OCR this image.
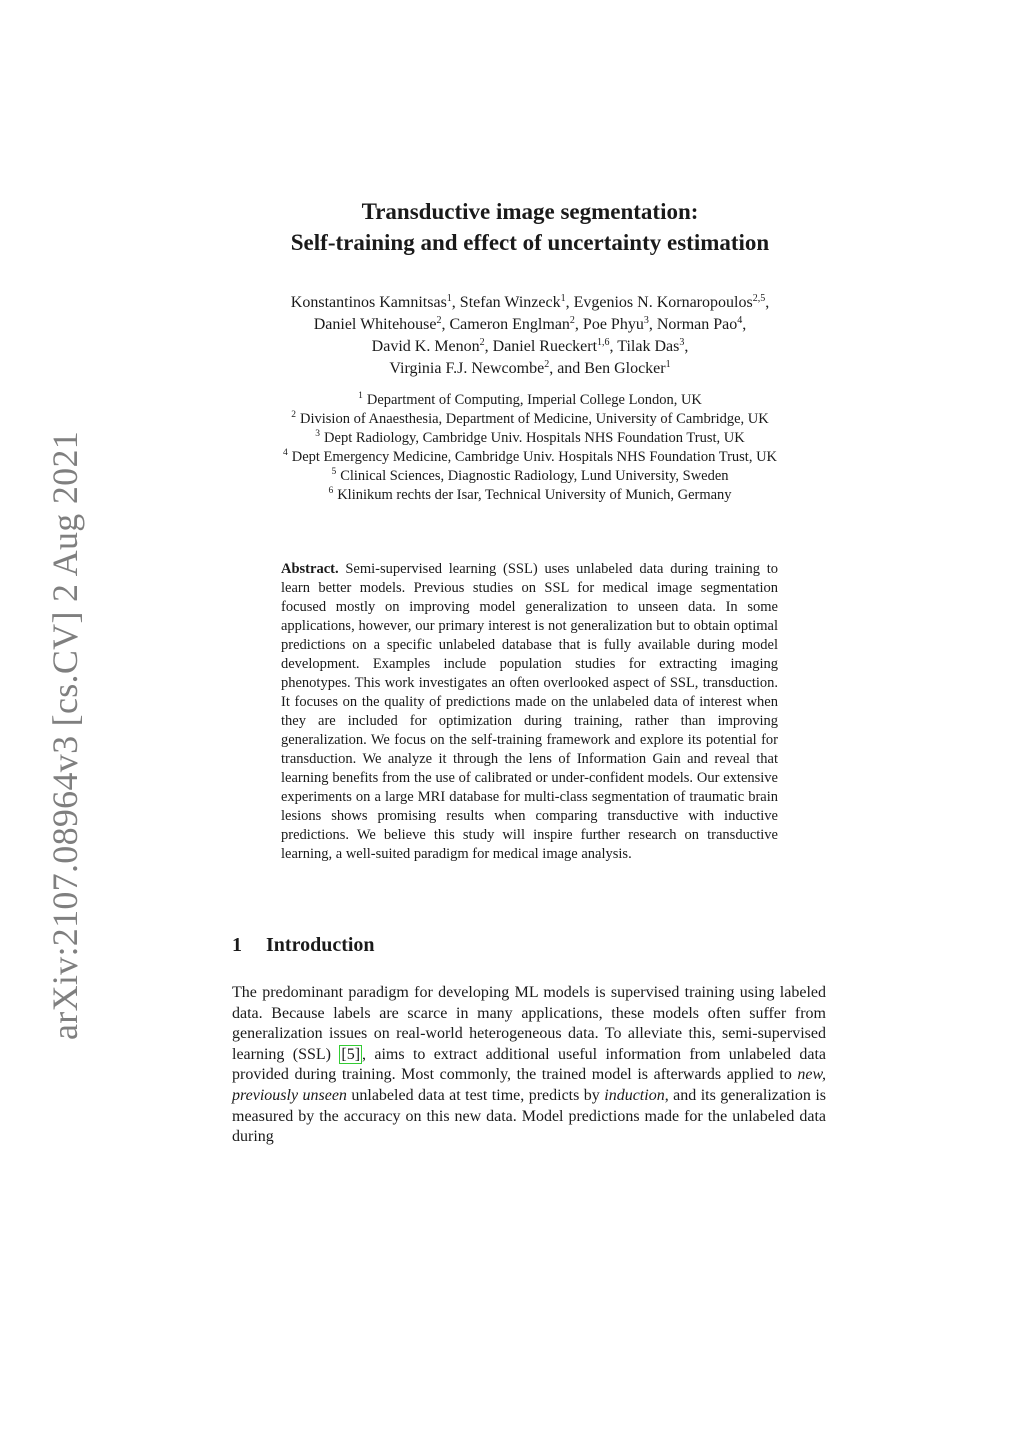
arXiv:2107.08964v3 [cs.CV] 2 Aug 2021
Transductive image segmentation:
Self-training and effect of uncertainty estimation
Konstantinos Kamnitsas$^1$, Stefan Winzeck$^1$, Evgenios N. Kornaropoulos$^{2,5}$,
Daniel Whitehouse$^2$, Cameron Englman$^2$, Poe Phyu$^3$, Norman Pao$^4$,
David K. Menon$^2$, Daniel Rueckert$^{1,6}$, Tilak Das$^3$,
Virginia F.J. Newcombe$^2$, and Ben Glocker$^1$
$^1$ Department of Computing, Imperial College London, UK
$^2$ Division of Anaesthesia, Department of Medicine, University of Cambridge, UK
$^3$ Dept Radiology, Cambridge Univ. Hospitals NHS Foundation Trust, UK
$^4$ Dept Emergency Medicine, Cambridge Univ. Hospitals NHS Foundation Trust, UK
$^5$ Clinical Sciences, Diagnostic Radiology, Lund University, Sweden
$^6$ Klinikum rechts der Isar, Technical University of Munich, Germany

Abstract. Semi-supervised learning (SSL) uses unlabeled data during training to learn better models. Previous studies on SSL for medical image segmentation focused mostly on improving model generalization to unseen data. In some applications, however, our primary interest is not generalization but to obtain optimal predictions on a specific unlabeled database that is fully available during model development. Examples include population studies for extracting imaging phenotypes. This work investigates an often overlooked aspect of SSL, transduction. It focuses on the quality of predictions made on the unlabeled data of interest when they are included for optimization during training, rather than improving generalization. We focus on the self-training framework and explore its potential for transduction. We analyze it through the lens of Information Gain and reveal that learning benefits from the use of calibrated or under-confident models. Our extensive experiments on a large MRI database for multi-class segmentation of traumatic brain lesions shows promising results when comparing transductive with inductive predictions. We believe this study will inspire further research on transductive learning, a well-suited paradigm for medical image analysis.

1 Introduction

The predominant paradigm for developing ML models is supervised training using labeled data. Because labels are scarce in many applications, these models often suffer from generalization issues on real-world heterogeneous data. To alleviate this, semi-supervised learning (SSL) [5] , aims to extract additional useful information from unlabeled data provided during training. Most commonly, the trained model is afterwards applied to new, previously unseen unlabeled data at test time, predicts by induction, and its generalization is measured by the accuracy on this new data. Model predictions made for the unlabeled data during
